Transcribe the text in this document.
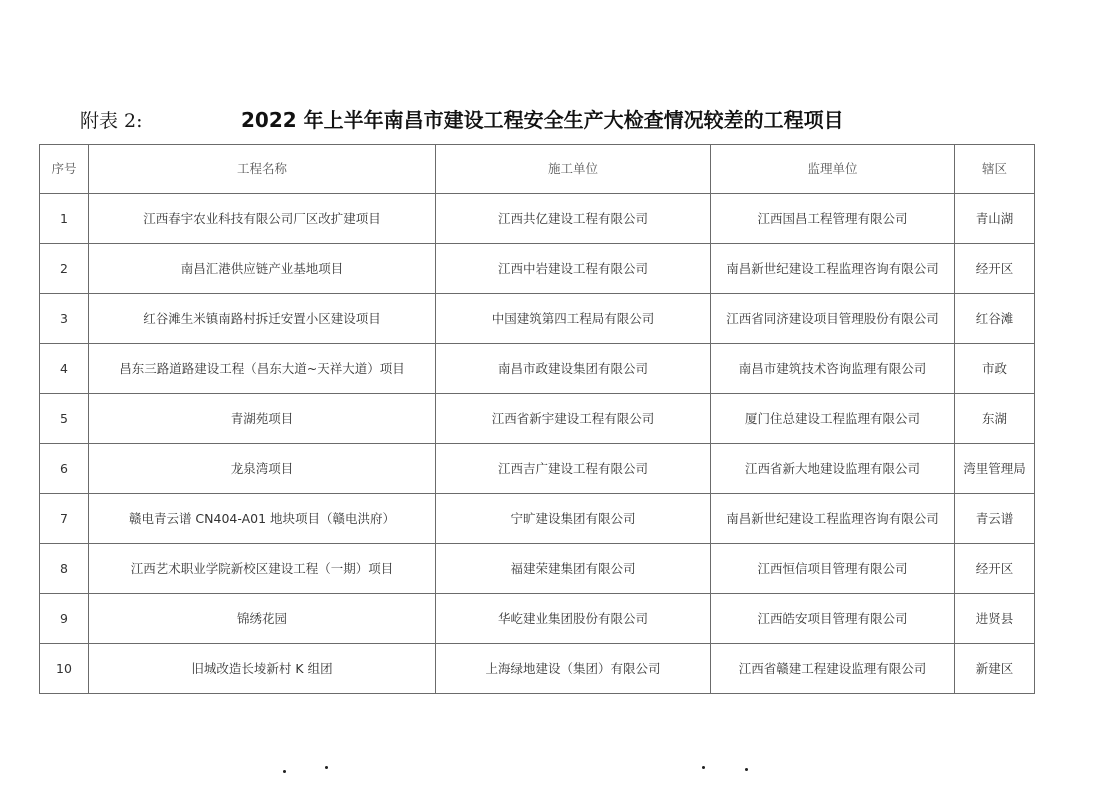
附表 2:	2022 年上半年南昌市建设工程安全生产大检查情况较差的工程项目
序号	工程名称	施工单位	监理单位	辖区
1	江西春宇农业科技有限公司厂区改扩建项目	江西共亿建设工程有限公司	江西国昌工程管理有限公司	青山湖
2	南昌汇港供应链产业基地项目	江西中岩建设工程有限公司	南昌新世纪建设工程监理咨询有限公司	经开区
3	红谷滩生米镇南路村拆迁安置小区建设项目	中国建筑第四工程局有限公司	江西省同济建设项目管理股份有限公司	红谷滩
4	昌东三路道路建设工程（昌东大道~天祥大道）项目	南昌市政建设集团有限公司	南昌市建筑技术咨询监理有限公司	市政
5	青湖苑项目	江西省新宇建设工程有限公司	厦门住总建设工程监理有限公司	东湖
6	龙泉湾项目	江西吉广建设工程有限公司	江西省新大地建设监理有限公司	湾里管理局
7	赣电青云谱 CN404-A01 地块项目（赣电洪府）	宁旷建设集团有限公司	南昌新世纪建设工程监理咨询有限公司	青云谱
8	江西艺术职业学院新校区建设工程（一期）项目	福建荣建集团有限公司	江西恒信项目管理有限公司	经开区
9	锦绣花园	华屹建业集团股份有限公司	江西皓安项目管理有限公司	进贤县
10	旧城改造长堎新村 K 组团	上海绿地建设（集团）有限公司	江西省赣建工程建设监理有限公司	新建区
